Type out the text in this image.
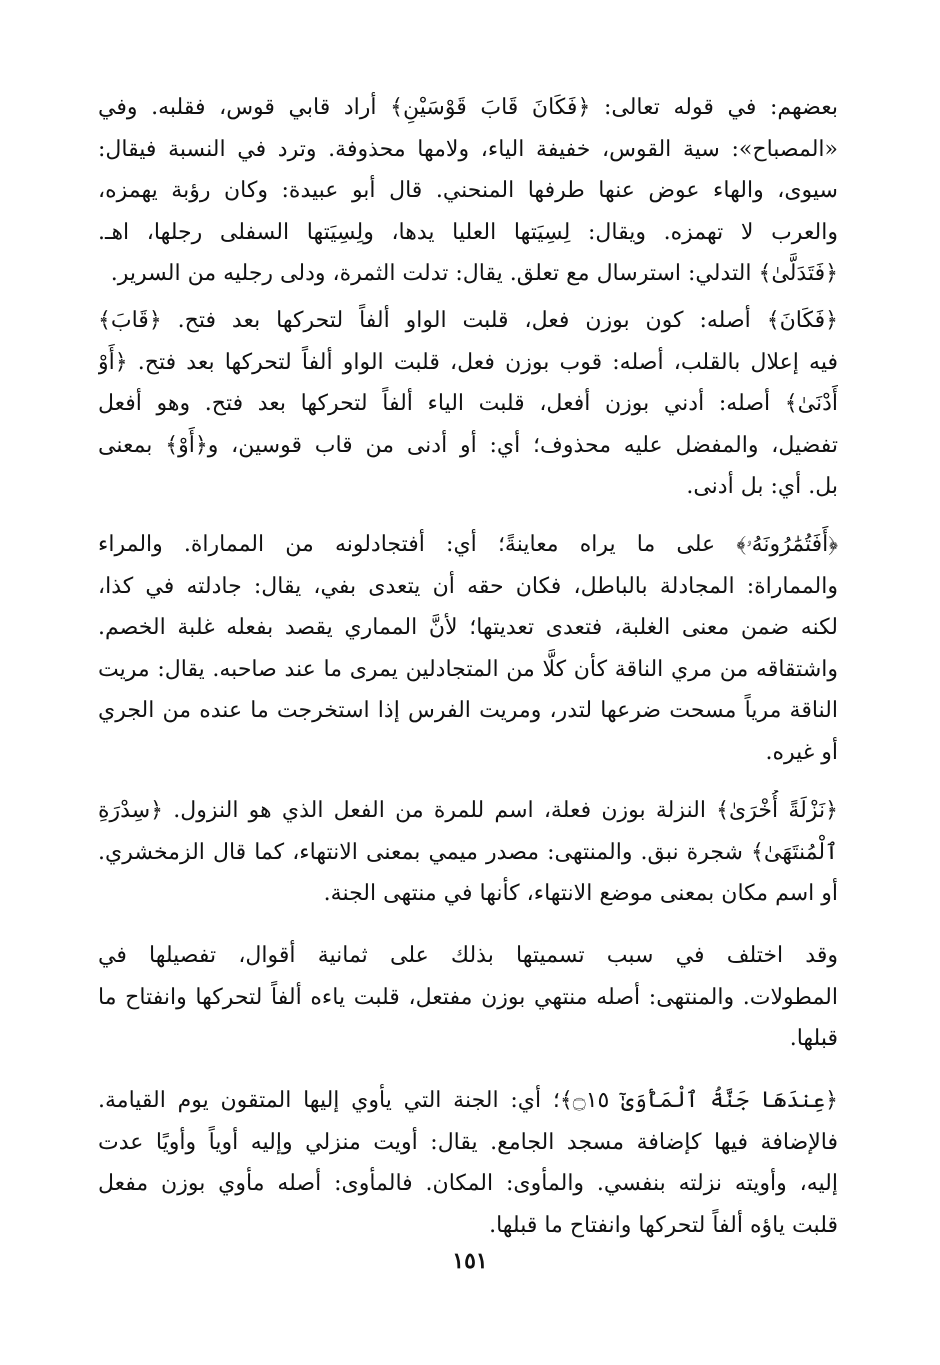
بعضهم: في قوله تعالى: ﴿فَكَانَ قَابَ قَوْسَيْنِ﴾ أراد قابي قوس، فقلبه. وفي
«المصباح»: سية القوس، خفيفة الياء، ولامها محذوفة. وترد في النسبة فيقال:
سيوى، والهاء عوض عنها طرفها المنحني. قال أبو عبيدة: وكان رؤبة يهمزه،
والعرب لا تهمزه. ويقال: لِسِيَتها العليا يدها، ولِسِيَتها السفلى رجلها، اهـ.
﴿فَتَدَلَّىٰ﴾ التدلي: استرسال مع تعلق. يقال: تدلت الثمرة، ودلى رجليه من السرير.
﴿فَكَانَ﴾ أصله: كون بوزن فعل، قلبت الواو ألفاً لتحركها بعد فتح. ﴿قَابَ﴾
فيه إعلال بالقلب، أصله: قوب بوزن فعل، قلبت الواو ألفاً لتحركها بعد فتح. ﴿أَوْ
أَدْنَىٰ﴾ أصله: أدني بوزن أفعل، قلبت الياء ألفاً لتحركها بعد فتح. وهو أفعل
تفضيل، والمفضل عليه محذوف؛ أي: أو أدنى من قاب قوسين، و﴿أَوْ﴾ بمعنى
بل. أي: بل أدنى.
﴿أَفَتُمَٰرُونَهُۥ﴾ على ما يراه معاينةً؛ أي: أفتجادلونه من المماراة. والمراء
والمماراة: المجادلة بالباطل، فكان حقه أن يتعدى بفي، يقال: جادلته في كذا،
لكنه ضمن معنى الغلبة، فتعدى تعديتها؛ لأنَّ المماري يقصد بفعله غلبة الخصم.
واشتقاقه من مري الناقة كأن كلًّا من المتجادلين يمرى ما عند صاحبه. يقال: مريت
الناقة مرياً مسحت ضرعها لتدر، ومريت الفرس إذا استخرجت ما عنده من الجري
أو غيره.
﴿نَزْلَةً أُخْرَىٰ﴾ النزلة بوزن فعلة، اسم للمرة من الفعل الذي هو النزول. ﴿سِدْرَةِ
ٱلْمُنتَهَىٰ﴾ شجرة نبق. والمنتهى: مصدر ميمي بمعنى الانتهاء، كما قال الزمخشري.
أو اسم مكان بمعنى موضع الانتهاء، كأنها في منتهى الجنة.
وقد اختلف في سبب تسميتها بذلك على ثمانية أقوال، تفصيلها في
المطولات. والمنتهى: أصله منتهي بوزن مفتعل، قلبت ياءه ألفاً لتحركها وانفتاح ما
قبلها.
﴿عِندَهَا جَنَّةُ ٱلْمَأْوَىٰٓ ۝١٥﴾؛ أي: الجنة التي يأوي إليها المتقون يوم القيامة.
فالإضافة فيها كإضافة مسجد الجامع. يقال: أويت منزلي وإليه أوياً وأويًا عدت
إليه، وأويته نزلته بنفسي. والمأوى: المكان. فالمأوى: أصله مأوي بوزن مفعل
قلبت ياؤه ألفاً لتحركها وانفتاح ما قبلها.
١٥١
